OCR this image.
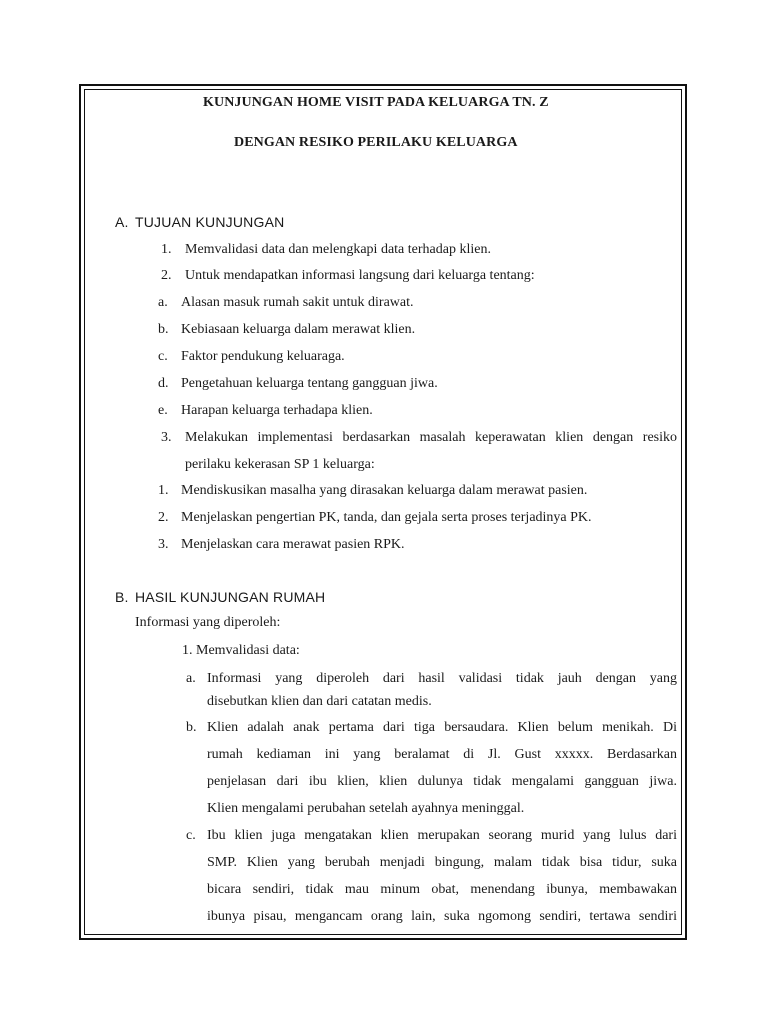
KUNJUNGAN HOME VISIT PADA KELUARGA TN. Z
DENGAN RESIKO PERILAKU KELUARGA
A. TUJUAN KUNJUNGAN
1. Memvalidasi data dan melengkapi data terhadap klien.
2. Untuk mendapatkan informasi langsung dari keluarga tentang:
a. Alasan masuk rumah sakit untuk dirawat.
b. Kebiasaan keluarga dalam merawat klien.
c. Faktor pendukung keluaraga.
d. Pengetahuan keluarga tentang gangguan jiwa.
e. Harapan keluarga terhadapa klien.
3. Melakukan implementasi berdasarkan masalah keperawatan klien dengan resiko
perilaku kekerasan SP 1 keluarga:
1. Mendiskusikan masalha yang dirasakan keluarga dalam merawat pasien.
2. Menjelaskan pengertian PK, tanda, dan gejala serta proses terjadinya PK.
3. Menjelaskan cara merawat pasien RPK.
B. HASIL KUNJUNGAN RUMAH
Informasi yang diperoleh:
1. Memvalidasi data:
a. Informasi yang diperoleh dari hasil validasi tidak jauh dengan yang
disebutkan klien dan dari catatan medis.
b. Klien adalah anak pertama dari tiga bersaudara. Klien belum menikah. Di
rumah kediaman ini yang beralamat di Jl. Gust xxxxx. Berdasarkan
penjelasan dari ibu klien, klien dulunya tidak mengalami gangguan jiwa.
Klien mengalami perubahan setelah ayahnya meninggal.
c. Ibu klien juga mengatakan klien merupakan seorang murid yang lulus dari
SMP. Klien yang berubah menjadi bingung, malam tidak bisa tidur, suka
bicara sendiri, tidak mau minum obat, menendang ibunya, membawakan
ibunya pisau, mengancam orang lain, suka ngomong sendiri, tertawa sendiri
